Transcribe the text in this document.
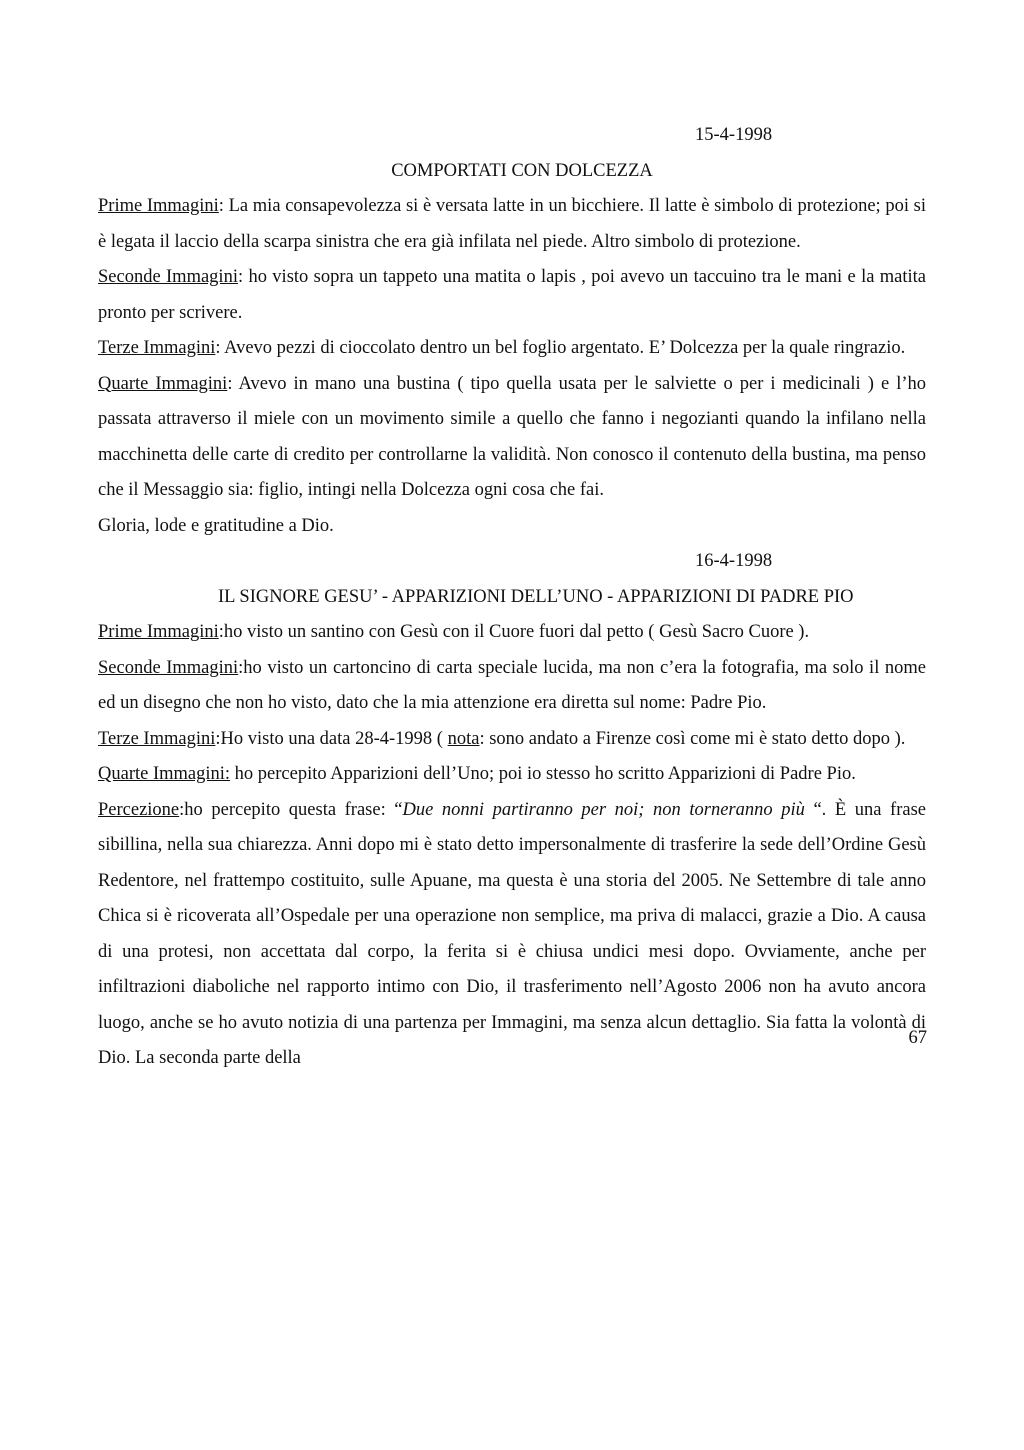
15-4-1998
COMPORTATI CON DOLCEZZA

Prime Immagini: La mia consapevolezza si è versata latte in un bicchiere. Il latte è simbolo di protezione; poi si è legata il laccio della scarpa sinistra che era già infilata nel piede. Altro simbolo di protezione.

Seconde Immagini: ho visto sopra un tappeto una matita o lapis , poi avevo un taccuino tra le mani e la matita pronto per scrivere.

Terze Immagini: Avevo pezzi di cioccolato dentro un bel foglio argentato. E’ Dolcezza per la quale ringrazio.

Quarte Immagini: Avevo in mano una bustina ( tipo quella usata per le salviette o per i medicinali ) e l’ho passata attraverso il miele con un movimento simile a quello che fanno i negozianti quando la infilano nella macchinetta delle carte di credito per controllarne la validità. Non conosco il contenuto della bustina, ma penso che il Messaggio sia: figlio, intingi nella Dolcezza ogni cosa che fai.

Gloria, lode e gratitudine a Dio.

16-4-1998
IL SIGNORE GESU’ - APPARIZIONI DELL’UNO - APPARIZIONI DI PADRE PIO

Prime Immagini:ho visto un santino con Gesù con il Cuore fuori dal petto ( Gesù Sacro Cuore ).

Seconde Immagini:ho visto un cartoncino di carta speciale lucida, ma non c’era la fotografia, ma solo il nome ed un disegno che non ho visto, dato che la mia attenzione era diretta sul nome: Padre Pio.

Terze Immagini:Ho visto una data 28-4-1998 ( nota: sono andato a Firenze così come mi è stato detto dopo ).

Quarte Immagini: ho percepito Apparizioni dell’Uno; poi io stesso ho scritto Apparizioni di Padre Pio.

Percezione:ho percepito questa frase: “Due nonni partiranno per noi; non torneranno più “. È una frase sibillina, nella sua chiarezza. Anni dopo mi è stato detto impersonalmente di trasferire la sede dell’Ordine Gesù Redentore, nel frattempo costituito, sulle Apuane, ma questa è una storia del 2005. Ne Settembre di tale anno Chica si è ricoverata all’Ospedale per una operazione non semplice, ma priva di malacci, grazie a Dio. A causa di una protesi, non accettata dal corpo, la ferita si è chiusa undici mesi dopo. Ovviamente, anche per infiltrazioni diaboliche nel rapporto intimo con Dio, il trasferimento nell’Agosto 2006 non ha avuto ancora luogo, anche se ho avuto notizia di una partenza per Immagini, ma senza alcun dettaglio. Sia fatta la volontà di Dio. La seconda parte della

67
